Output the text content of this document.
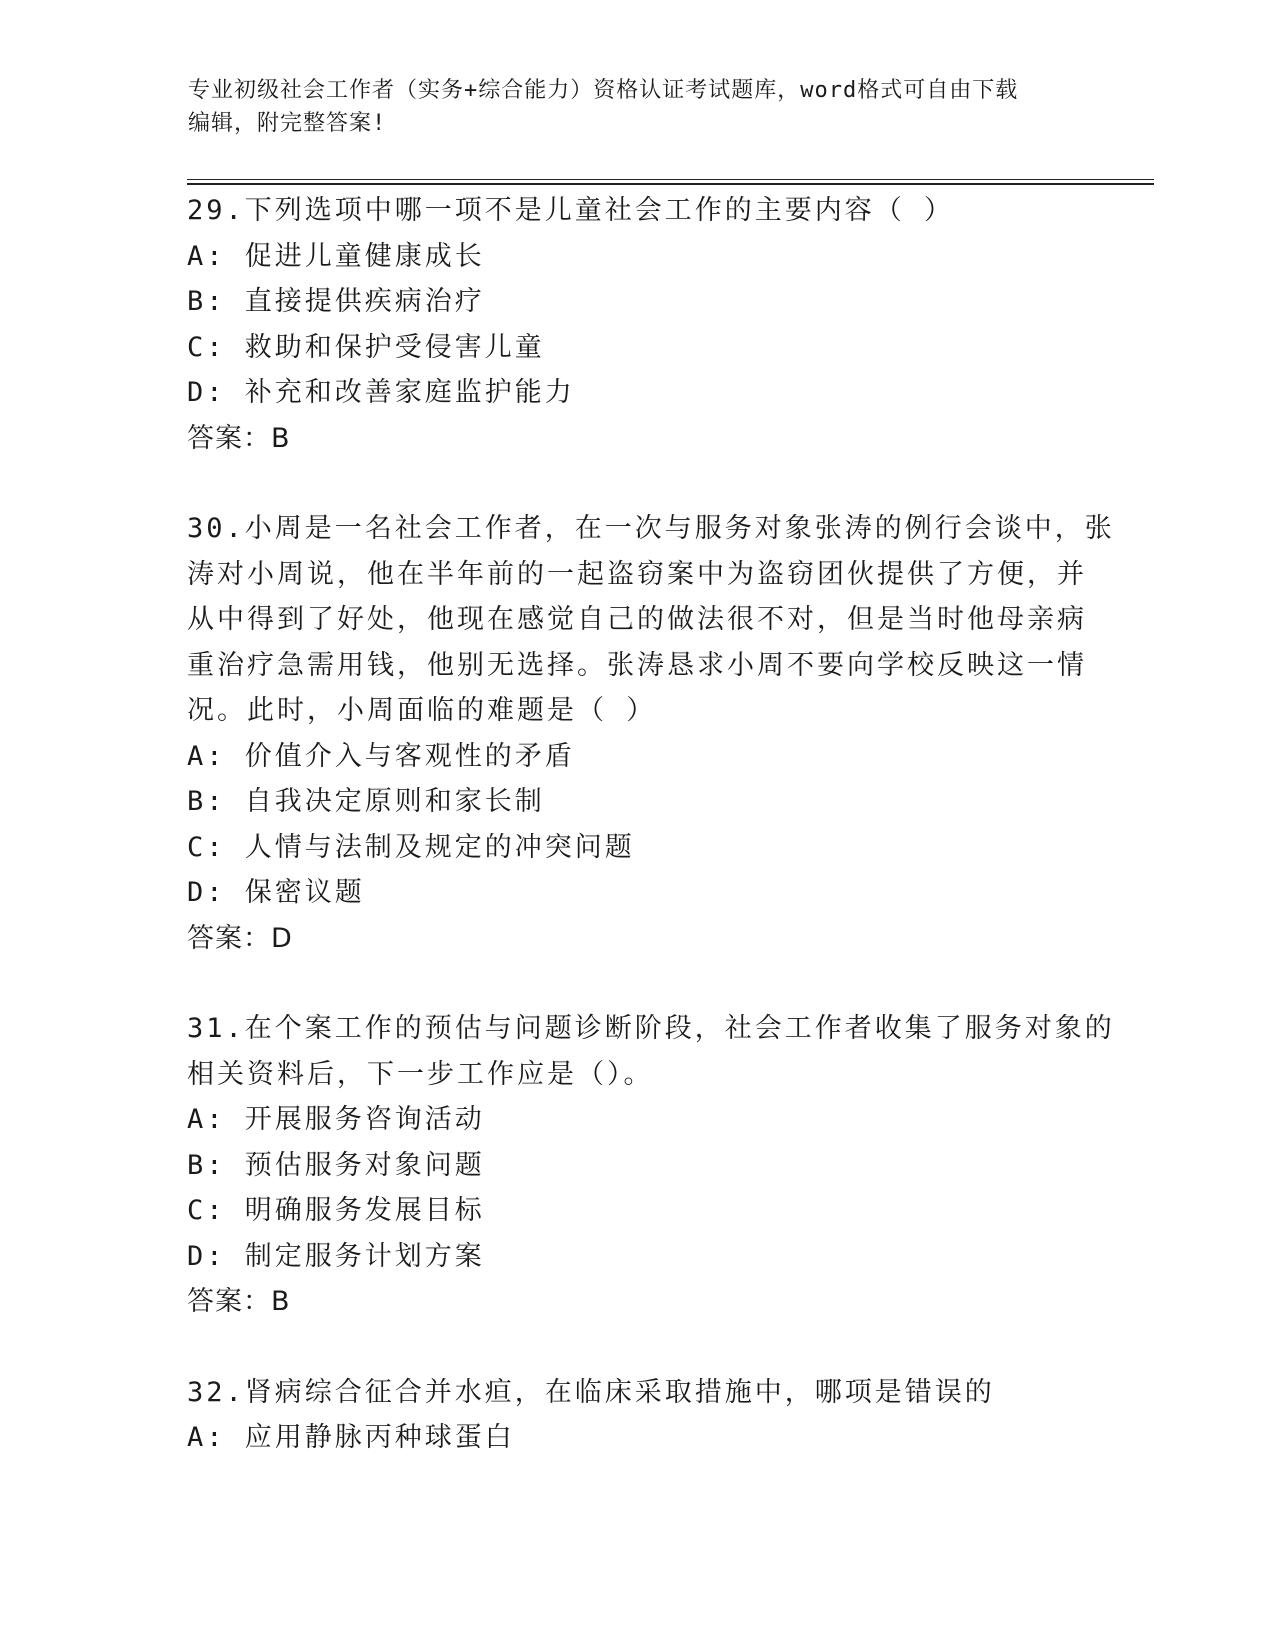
专业初级社会工作者（实务+综合能力）资格认证考试题库，word格式可自由下载
编辑，附完整答案!
29.下列选项中哪一项不是儿童社会工作的主要内容（ ）
A: 促进儿童健康成长
B: 直接提供疾病治疗
C: 救助和保护受侵害儿童
D: 补充和改善家庭监护能力
答案：B
30.小周是一名社会工作者，在一次与服务对象张涛的例行会谈中，张
涛对小周说，他在半年前的一起盗窃案中为盗窃团伙提供了方便，并
从中得到了好处，他现在感觉自己的做法很不对，但是当时他母亲病
重治疗急需用钱，他别无选择。张涛恳求小周不要向学校反映这一情
况。此时，小周面临的难题是（ ）
A: 价值介入与客观性的矛盾
B: 自我决定原则和家长制
C: 人情与法制及规定的冲突问题
D: 保密议题
答案：D
31.在个案工作的预估与问题诊断阶段，社会工作者收集了服务对象的
相关资料后，下一步工作应是（）。
A: 开展服务咨询活动
B: 预估服务对象问题
C: 明确服务发展目标
D: 制定服务计划方案
答案：B
32.肾病综合征合并水疸，在临床采取措施中，哪项是错误的
A: 应用静脉丙种球蛋白
